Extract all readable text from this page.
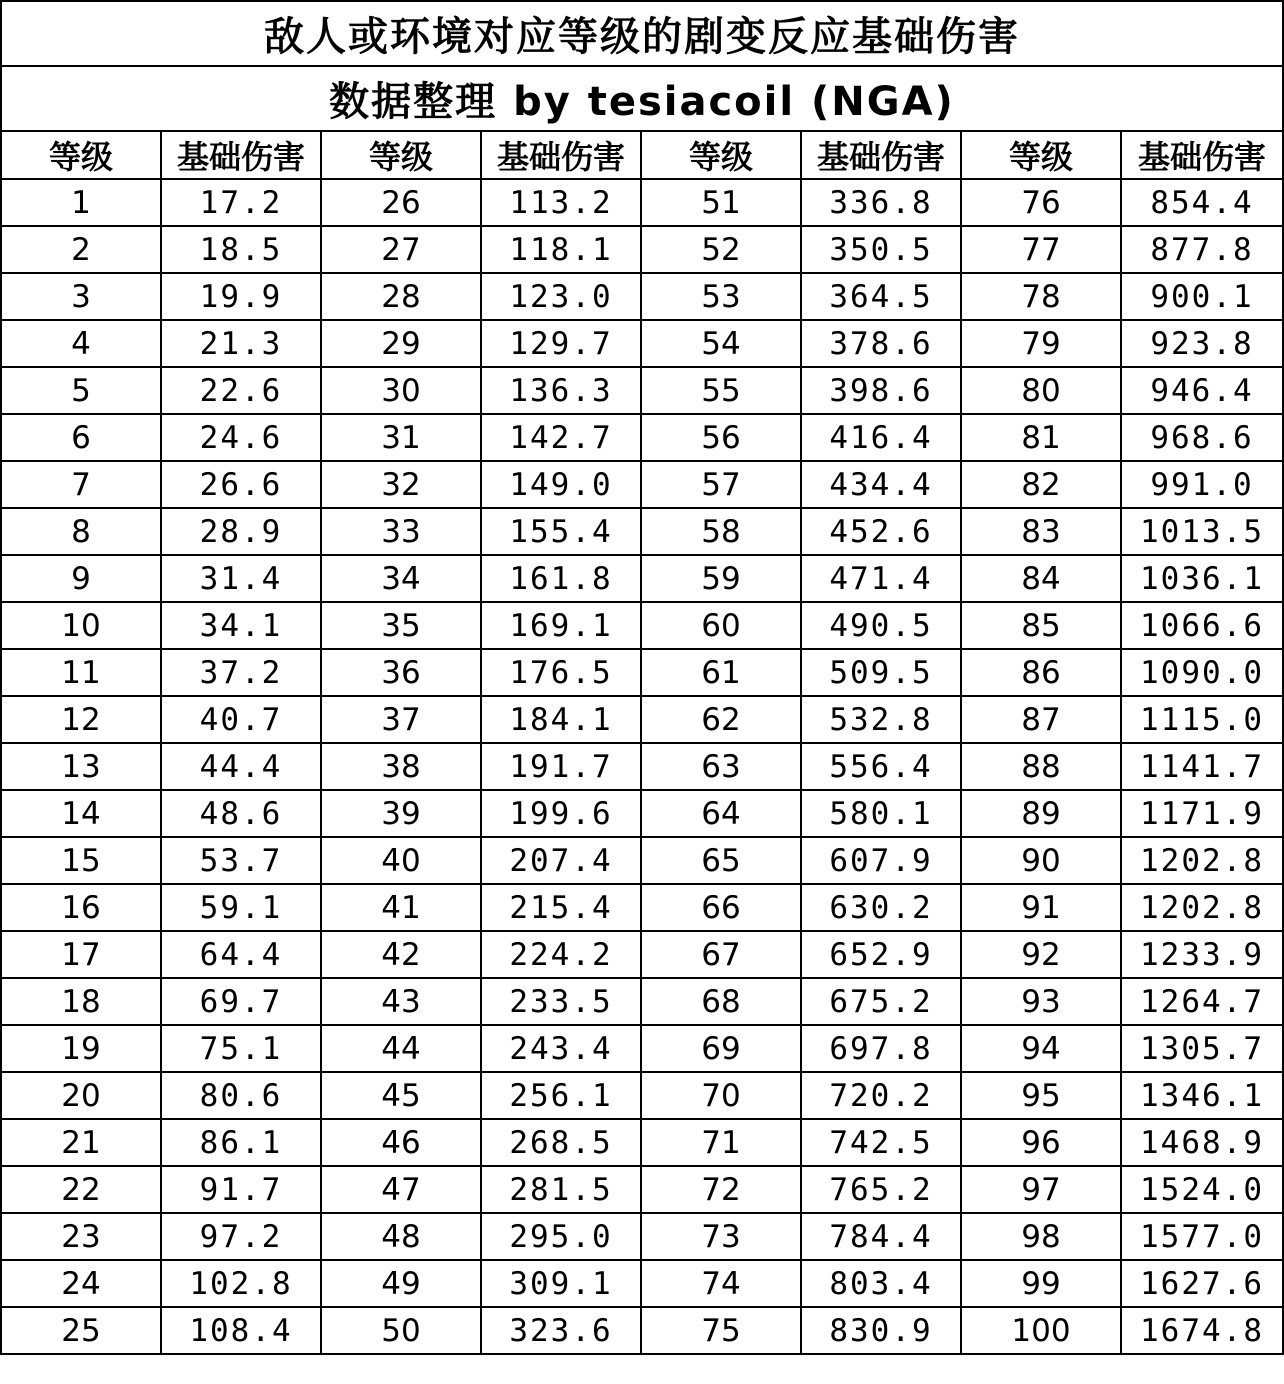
敌人或环境对应等级的剧变反应基础伤害							
数据整理 by tesiacoil (NGA)							
等级	基础伤害	等级	基础伤害	等级	基础伤害	等级	基础伤害
1	17.2	26	113.2	51	336.8	76	854.4
2	18.5	27	118.1	52	350.5	77	877.8
3	19.9	28	123.0	53	364.5	78	900.1
4	21.3	29	129.7	54	378.6	79	923.8
5	22.6	30	136.3	55	398.6	80	946.4
6	24.6	31	142.7	56	416.4	81	968.6
7	26.6	32	149.0	57	434.4	82	991.0
8	28.9	33	155.4	58	452.6	83	1013.5
9	31.4	34	161.8	59	471.4	84	1036.1
10	34.1	35	169.1	60	490.5	85	1066.6
11	37.2	36	176.5	61	509.5	86	1090.0
12	40.7	37	184.1	62	532.8	87	1115.0
13	44.4	38	191.7	63	556.4	88	1141.7
14	48.6	39	199.6	64	580.1	89	1171.9
15	53.7	40	207.4	65	607.9	90	1202.8
16	59.1	41	215.4	66	630.2	91	1202.8
17	64.4	42	224.2	67	652.9	92	1233.9
18	69.7	43	233.5	68	675.2	93	1264.7
19	75.1	44	243.4	69	697.8	94	1305.7
20	80.6	45	256.1	70	720.2	95	1346.1
21	86.1	46	268.5	71	742.5	96	1468.9
22	91.7	47	281.5	72	765.2	97	1524.0
23	97.2	48	295.0	73	784.4	98	1577.0
24	102.8	49	309.1	74	803.4	99	1627.6
25	108.4	50	323.6	75	830.9	100	1674.8
